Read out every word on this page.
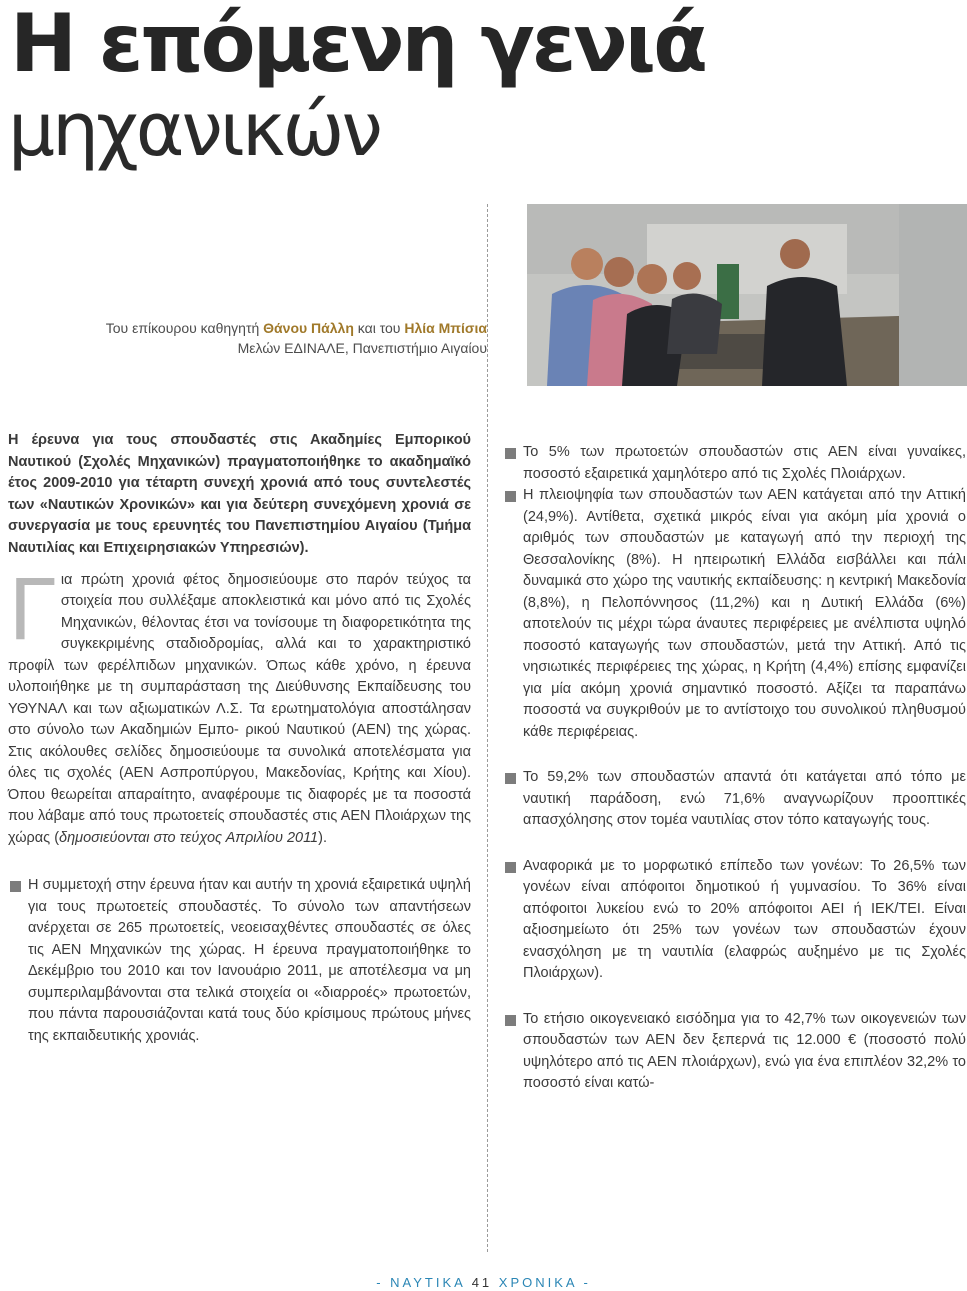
Η επόμενη γενιά
μηχανικών
Του επίκουρου καθηγητή Θάνου Πάλλη και του Ηλία Μπίσια
Μελών ΕΔΙΝΑΛΕ, Πανεπιστήμιο Αιγαίου

Η έρευνα για τους σπουδαστές στις Ακαδημίες Εμπορικού Ναυτικού (Σχολές Μηχανικών) πραγματοποιήθηκε το ακαδημαϊκό έτος 2009-2010 για τέταρτη συνεχή χρονιά από τους συντελεστές των «Ναυτικών Χρονικών» και για δεύτερη συνεχόμενη χρονιά σε συνεργασία με τους ερευνητές του Πανεπιστημίου Αιγαίου (Τμήμα Ναυτιλίας και Επιχειρησιακών Υπηρεσιών).

Για πρώτη χρονιά φέτος δημοσιεύουμε στο παρόν τεύχος τα στοιχεία που συλλέξαμε αποκλειστικά και μόνο από τις Σχολές Μηχανικών, θέλοντας έτσι να τονίσουμε τη διαφορετικότητα της συγκεκριμένης σταδιοδρομίας, αλλά και το χαρακτηριστικό προφίλ των φερέλπιδων μηχανικών. Όπως κάθε χρόνο, η έρευνα υλοποιήθηκε με τη συμπαράσταση της Διεύθυνσης Εκπαίδευσης του ΥΘΥΝΑΛ και των αξιωματικών Λ.Σ. Τα ερωτηματολόγια αποστάλησαν στο σύνολο των Ακαδημιών Εμπο- ρικού Ναυτικού (ΑΕΝ) της χώρας. Στις ακόλουθες σελίδες δημοσιεύουμε τα συνολικά αποτελέσματα για όλες τις σχολές (ΑΕΝ Ασπροπύργου, Μακεδονίας, Κρήτης και Χίου). Όπου θεωρείται απαραίτητο, αναφέρουμε τις διαφορές με τα ποσοστά που λάβαμε από τους πρωτοετείς σπουδαστές στις ΑΕΝ Πλοιάρχων της χώρας (δημοσιεύονται στο τεύχος Απριλίου 2011).

Η συμμετοχή στην έρευνα ήταν και αυτήν τη χρονιά εξαιρετικά υψηλή για τους πρωτοετείς σπουδαστές. Το σύνολο των απαντήσεων ανέρχεται σε 265 πρωτοετείς, νεοεισαχθέντες σπουδαστές σε όλες τις ΑΕΝ Μηχανικών της χώρας. Η έρευνα πραγματοποιήθηκε το Δεκέμβριο του 2010 και τον Ιανουάριο 2011, με αποτέλεσμα να μη συμπεριλαμβάνονται στα τελικά στοιχεία οι «διαρροές» πρωτοετών, που πάντα παρουσιάζονται κατά τους δύο κρίσιμους πρώτους μήνες της εκπαιδευτικής χρονιάς.

Το 5% των πρωτοετών σπουδαστών στις ΑΕΝ είναι γυναίκες, ποσοστό εξαιρετικά χαμηλότερο από τις Σχολές Πλοιάρχων.

Η πλειοψηφία των σπουδαστών των ΑΕΝ κατάγεται από την Αττική (24,9%). Αντίθετα, σχετικά μικρός είναι για ακόμη μία χρονιά ο αριθμός των σπουδαστών με καταγωγή από την περιοχή της Θεσσαλονίκης (8%). Η ηπειρωτική Ελλάδα εισβάλλει και πάλι δυναμικά στο χώρο της ναυτικής εκπαίδευσης: η κεντρική Μακεδονία (8,8%), η Πελοπόννησος (11,2%) και η Δυτική Ελλάδα (6%) αποτελούν τις μέχρι τώρα άναυτες περιφέρειες με ανέλπιστα υψηλό ποσοστό καταγωγής των σπουδαστών, μετά την Αττική. Από τις νησιωτικές περιφέρειες της χώρας, η Κρήτη (4,4%) επίσης εμφανίζει για μία ακόμη χρονιά σημαντικό ποσοστό. Αξίζει τα παραπάνω ποσοστά να συγκριθούν με το αντίστοιχο του συνολικού πληθυσμού κάθε περιφέρειας.

Το 59,2% των σπουδαστών απαντά ότι κατάγεται από τόπο με ναυτική παράδοση, ενώ 71,6% αναγνωρίζουν προοπτικές απασχόλησης στον τομέα ναυτιλίας στον τόπο καταγωγής τους.

Αναφορικά με το μορφωτικό επίπεδο των γονέων: Το 26,5% των γονέων είναι απόφοιτοι δημοτικού ή γυμνασίου. Το 36% είναι απόφοιτοι λυκείου ενώ το 20% απόφοιτοι ΑΕΙ ή ΙΕΚ/ΤΕΙ. Είναι αξιοσημείωτο ότι 25% των γονέων των σπουδαστών έχουν ενασχόληση με τη ναυτιλία (ελαφρώς αυξημένο με τις Σχολές Πλοιάρχων).

Το ετήσιο οικογενειακό εισόδημα για το 42,7% των οικογενειών των σπουδαστών των ΑΕΝ δεν ξεπερνά τις 12.000 € (ποσοστό πολύ υψηλότερο από τις ΑΕΝ πλοιάρχων), ενώ για ένα επιπλέον 32,2% το ποσοστό είναι κατώ-

- ΝΑΥΤΙΚΑ 41 ΧΡΟΝΙΚΑ -
